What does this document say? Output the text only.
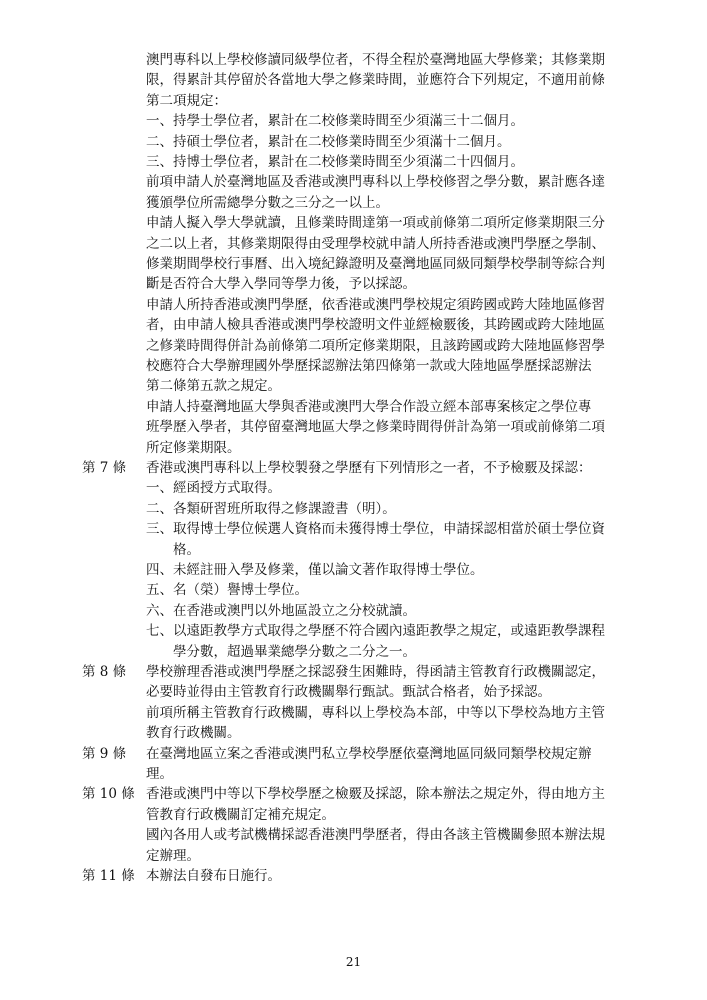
澳門專科以上學校修讀同級學位者，不得全程於臺灣地區大學修業；其修業期
限，得累計其停留於各當地大學之修業時間，並應符合下列規定，不適用前條
第二項規定：
一、持學士學位者，累計在二校修業時間至少須滿三十二個月。
二、持碩士學位者，累計在二校修業時間至少須滿十二個月。
三、持博士學位者，累計在二校修業時間至少須滿二十四個月。
前項申請人於臺灣地區及香港或澳門專科以上學校修習之學分數，累計應各達
獲頒學位所需總學分數之三分之一以上。
申請人擬入學大學就讀，且修業時間達第一項或前條第二項所定修業期限三分
之二以上者，其修業期限得由受理學校就申請人所持香港或澳門學歷之學制、
修業期間學校行事曆、出入境紀錄證明及臺灣地區同級同類學校學制等綜合判
斷是否符合大學入學同等學力後，予以採認。
申請人所持香港或澳門學歷，依香港或澳門學校規定須跨國或跨大陸地區修習
者，由申請人檢具香港或澳門學校證明文件並經檢覈後，其跨國或跨大陸地區
之修業時間得併計為前條第二項所定修業期限，且該跨國或跨大陸地區修習學
校應符合大學辦理國外學歷採認辦法第四條第一款或大陸地區學歷採認辦法
第二條第五款之規定。
申請人持臺灣地區大學與香港或澳門大學合作設立經本部專案核定之學位專
班學歷入學者，其停留臺灣地區大學之修業時間得併計為第一項或前條第二項
所定修業期限。
第 7 條 香港或澳門專科以上學校製發之學歷有下列情形之一者，不予檢覈及採認：
一、經函授方式取得。
二、各類研習班所取得之修課證書（明）。
三、取得博士學位候選人資格而未獲得博士學位，申請採認相當於碩士學位資
　　格。
四、未經註冊入學及修業，僅以論文著作取得博士學位。
五、名（榮）譽博士學位。
六、在香港或澳門以外地區設立之分校就讀。
七、以遠距教學方式取得之學歷不符合國內遠距教學之規定，或遠距教學課程
　　學分數，超過畢業總學分數之二分之一。
第 8 條 學校辦理香港或澳門學歷之採認發生困難時，得函請主管教育行政機關認定，
必要時並得由主管教育行政機關舉行甄試。甄試合格者，始予採認。
前項所稱主管教育行政機關，專科以上學校為本部，中等以下學校為地方主管
教育行政機關。
第 9 條 在臺灣地區立案之香港或澳門私立學校學歷依臺灣地區同級同類學校規定辦
理。
第 10 條 香港或澳門中等以下學校學歷之檢覈及採認，除本辦法之規定外，得由地方主
管教育行政機關訂定補充規定。
國內各用人或考試機構採認香港澳門學歷者，得由各該主管機關參照本辦法規
定辦理。
第 11 條 本辦法自發布日施行。
21
